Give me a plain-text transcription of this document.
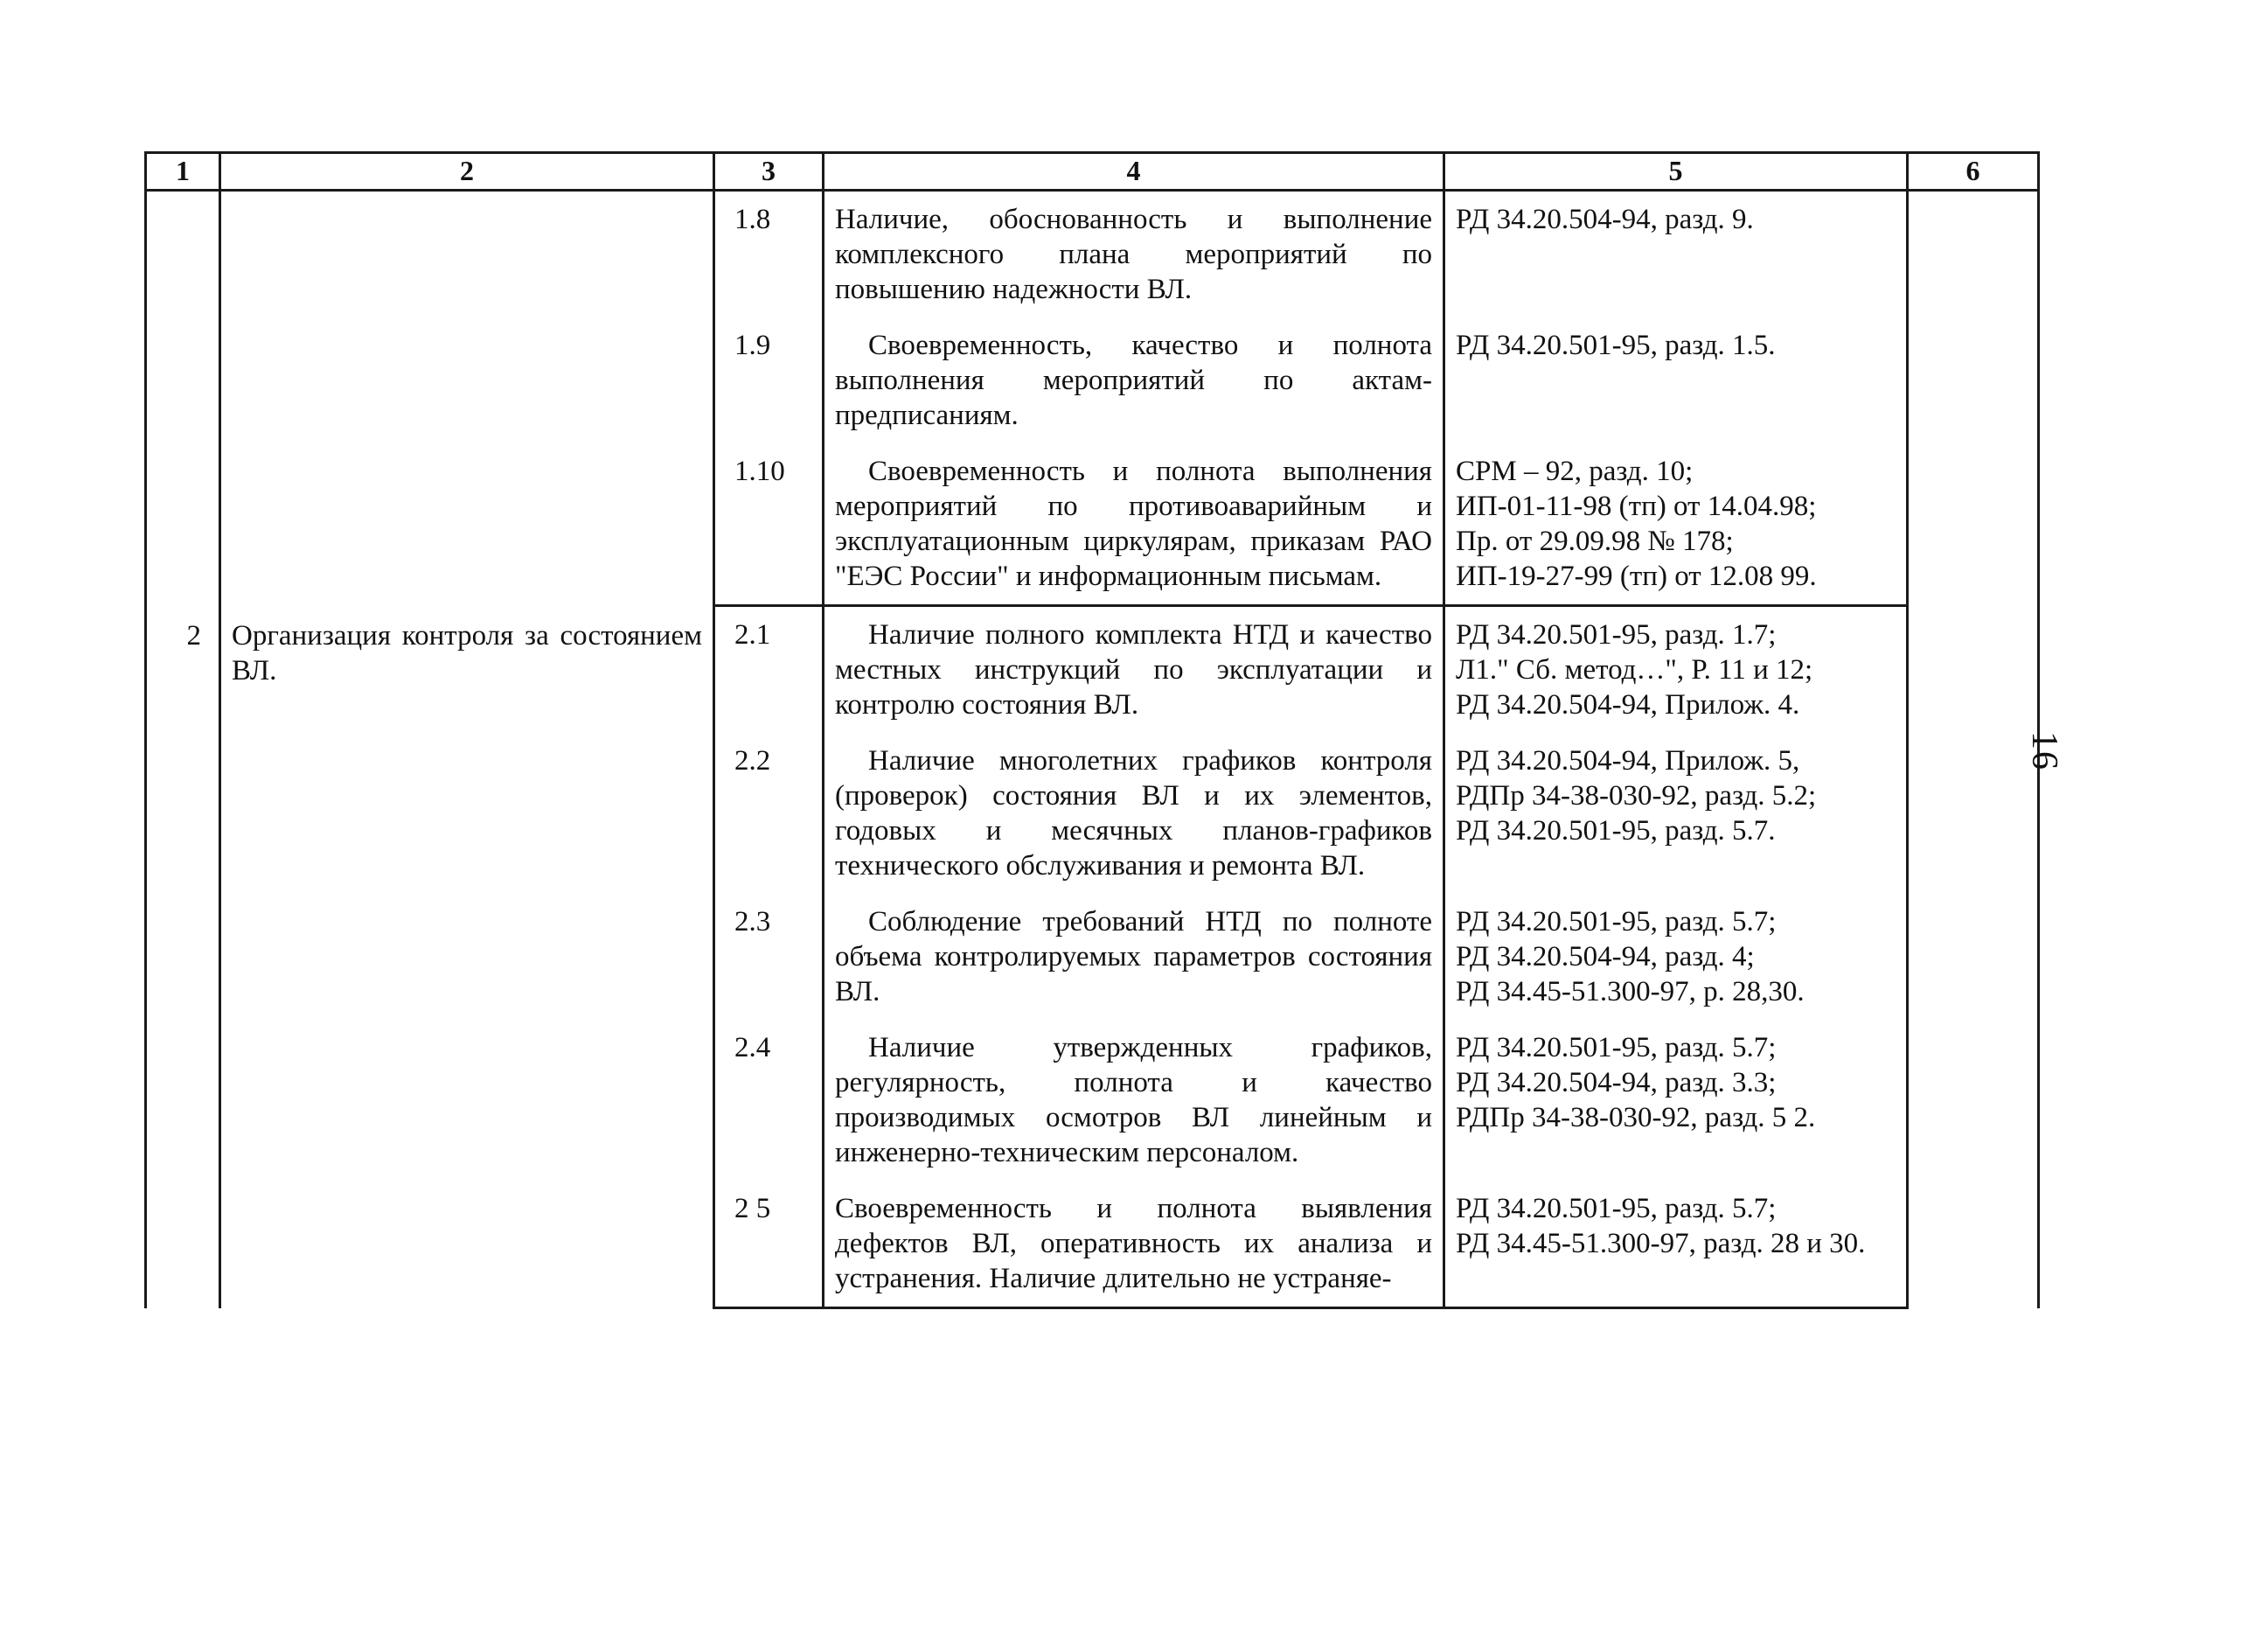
1	2	3	4	5	6
		1.8	Наличие, обоснованность и выполнение комплексного плана мероприятий по повышению надежности ВЛ.	РД 34.20.504-94, разд. 9.	

		1.9	Своевременность, качество и полнота выполнения мероприятий по актам-предписаниям.	РД 34.20.501-95, разд. 1.5.	

		1.10	Своевременность и полнота выполнения мероприятий по противоаварийным и эксплуатационным циркулярам, приказам РАО "ЕЭС России" и информационным письмам.	СРМ – 92, разд. 10;
ИП-01-11-98 (тп) от 14.04.98;
Пр. от 29.09.98 № 178;
ИП-19-27-99 (тп) от 12.08 99.	

2	Организация контроля за состоянием ВЛ.	2.1	Наличие полного комплекта НТД и качество местных инструкций по эксплуатации и контролю состояния ВЛ.	РД 34.20.501-95, разд. 1.7;
Л1." Сб. метод…", Р. 11 и 12;
РД 34.20.504-94, Прилож. 4.	

		2.2	Наличие многолетних графиков контроля (проверок) состояния ВЛ и их элементов, годовых и месячных планов-графиков технического обслуживания и ремонта ВЛ.	РД 34.20.504-94, Прилож. 5,
РДПр 34-38-030-92, разд. 5.2;
РД 34.20.501-95, разд. 5.7.	

		2.3	Соблюдение требований НТД по полноте объема контролируемых параметров состояния ВЛ.	РД 34.20.501-95, разд. 5.7;
РД 34.20.504-94, разд. 4;
РД 34.45-51.300-97, р. 28,30.	

		2.4	Наличие утвержденных графиков, регулярность, полнота и качество производимых осмотров ВЛ линейным и инженерно-техническим персоналом.	РД 34.20.501-95, разд. 5.7;
РД 34.20.504-94, разд. 3.3;
РДПр 34-38-030-92, разд. 5 2.	

		2 5	Своевременность и полнота выявления дефектов ВЛ, оперативность их анализа и устранения. Наличие длительно не устраняе-	РД 34.20.501-95, разд. 5.7;
РД 34.45-51.300-97, разд. 28 и 30.	
16
